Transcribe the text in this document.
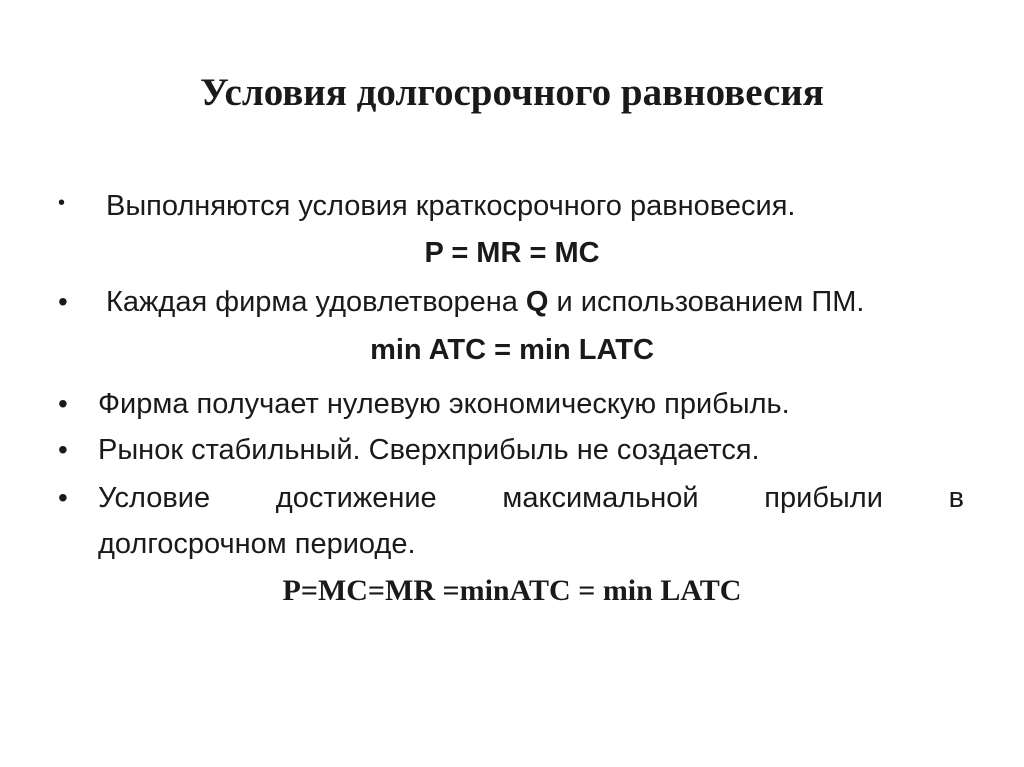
Условия долгосрочного равновесия
• Выполняются условия краткосрочного равновесия.
P = MR = MC
• Каждая фирма удовлетворена Q и использованием ПМ.
min ATC = min LATC
• Фирма получает нулевую экономическую прибыль.
• Рынок стабильный. Сверхприбыль не создается.
• Условие достижение максимальной прибыли в
долгосрочном периоде.
P=MC=MR =minATC = min LATC
